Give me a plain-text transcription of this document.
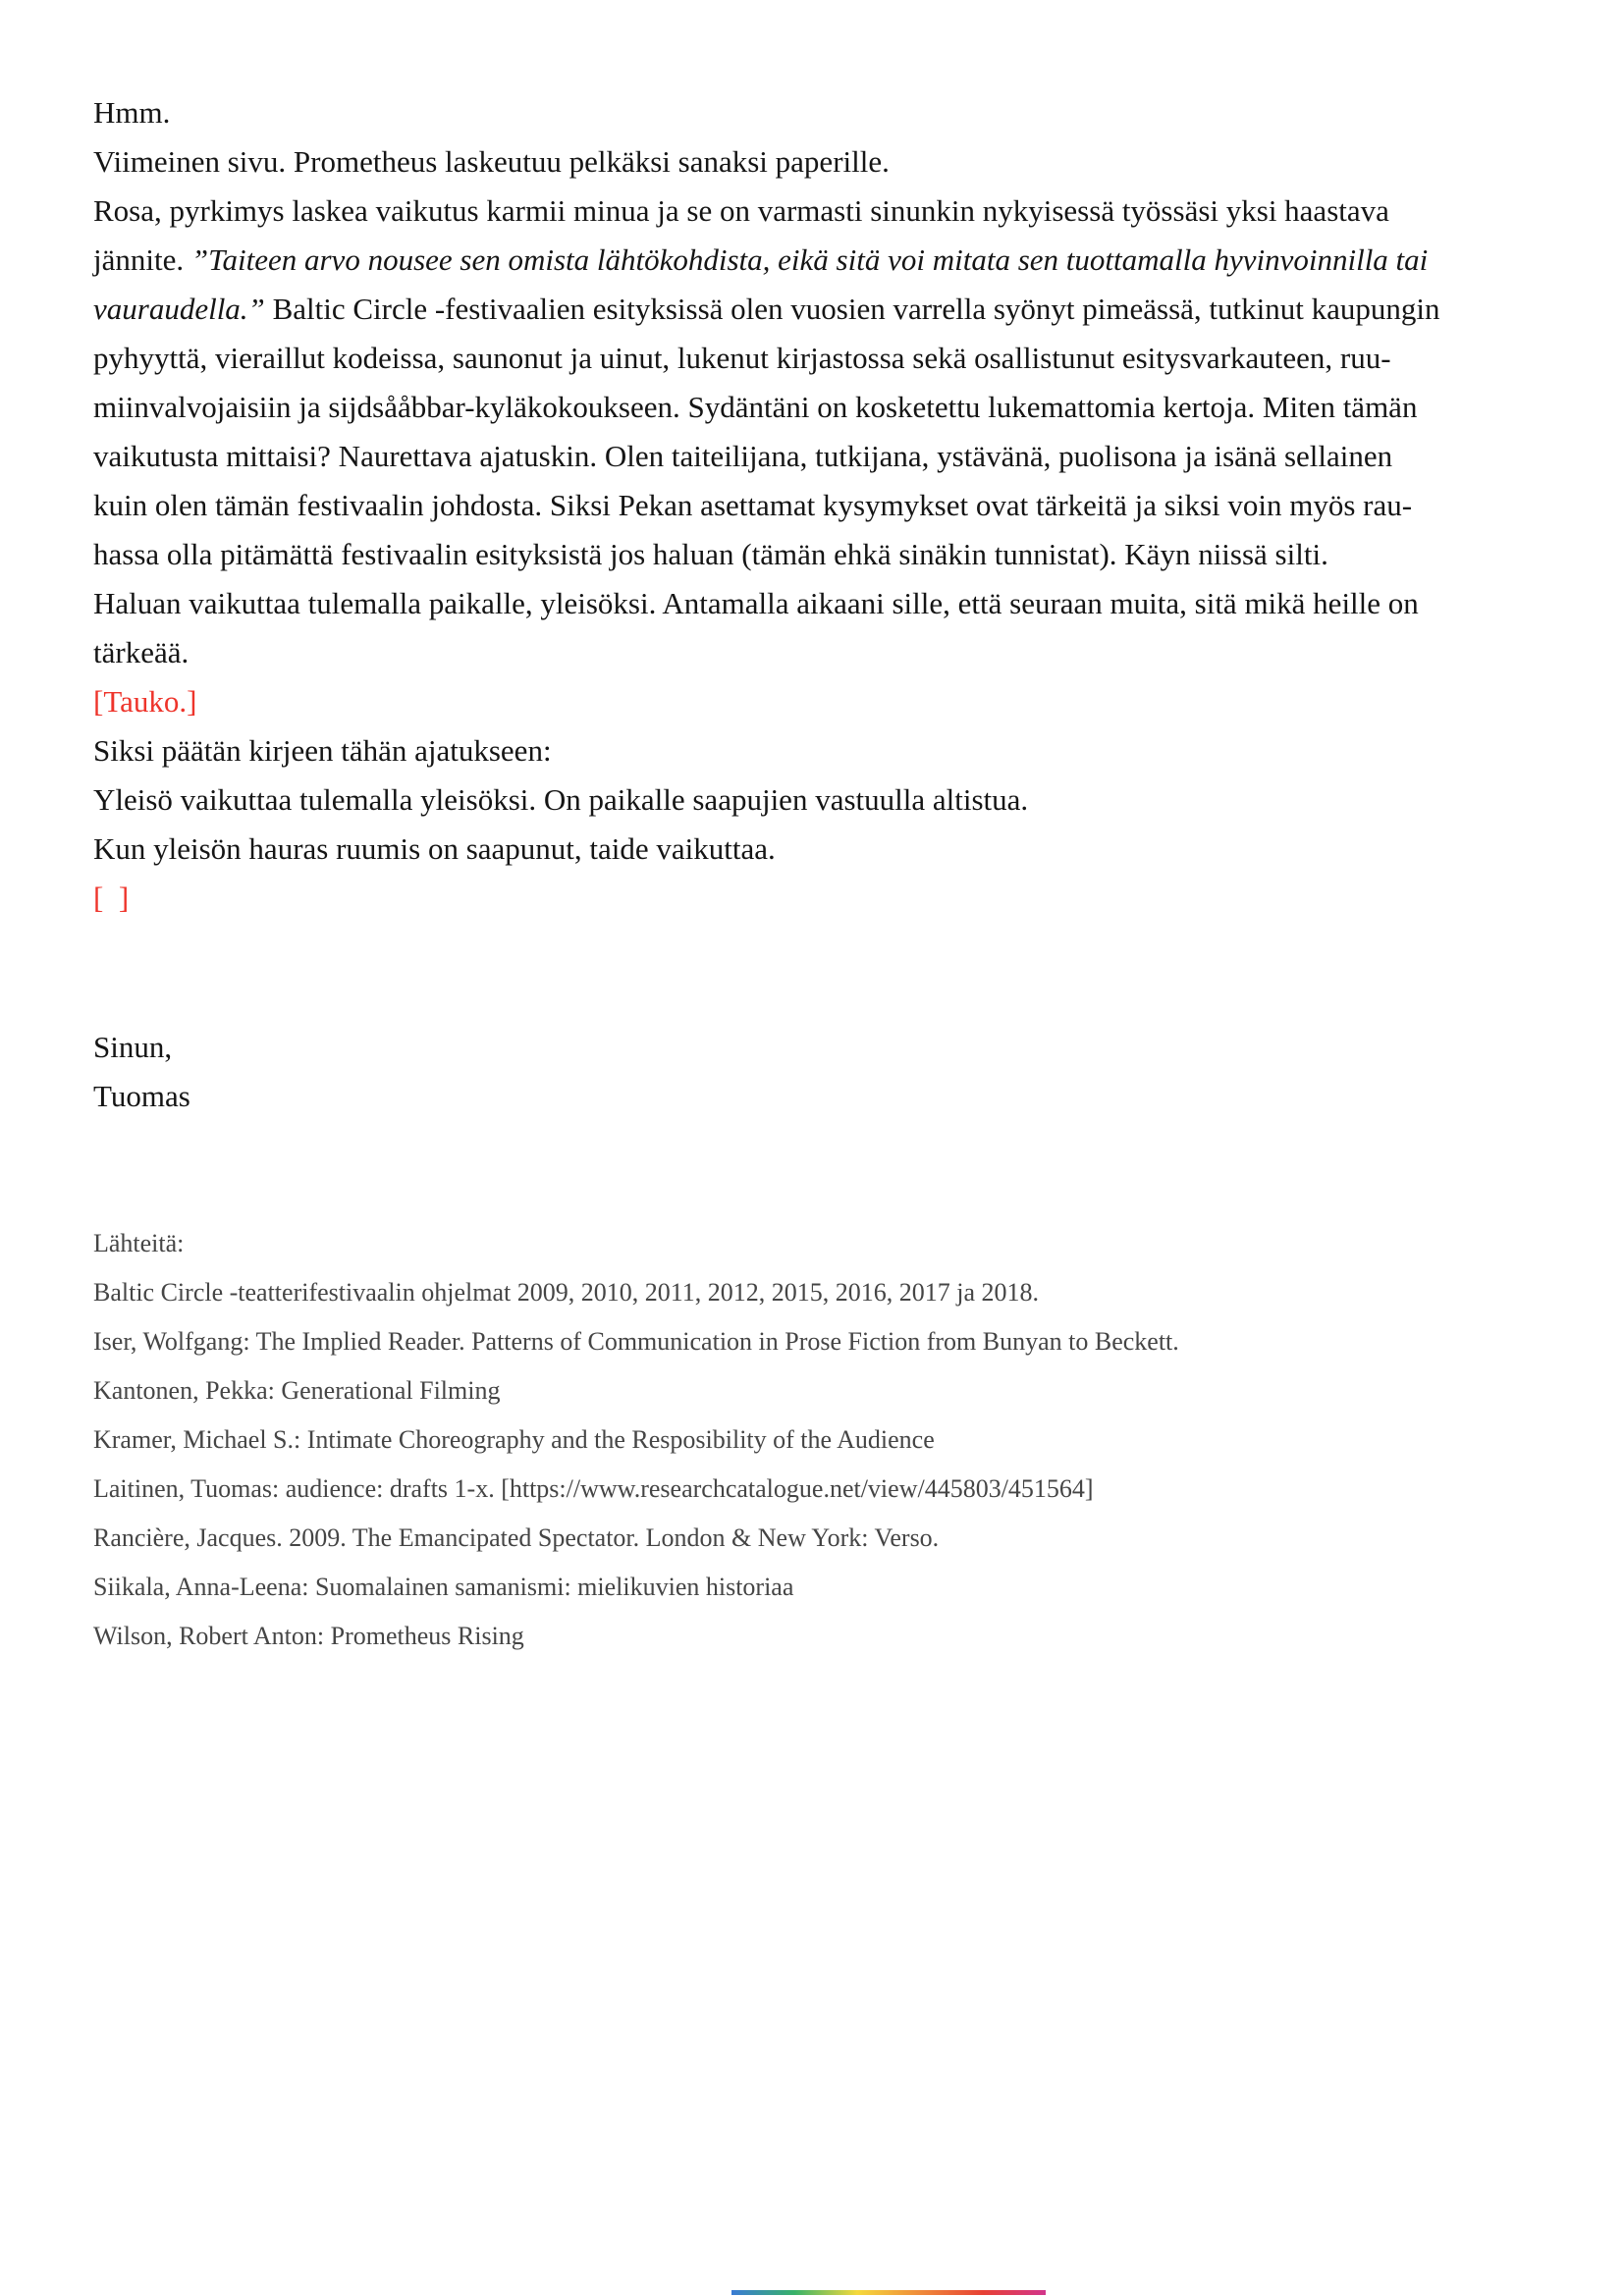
Hmm.

Viimeinen sivu. Prometheus laskeutuu pelkäksi sanaksi paperille.

Rosa, pyrkimys laskea vaikutus karmii minua ja se on varmasti sinunkin nykyisessä työssäsi yksi haastava
jännite. ”Taiteen arvo nousee sen omista lähtökohdista, eikä sitä voi mitata sen tuottamalla hyvinvoinnilla tai
vauraudella.” Baltic Circle -festivaalien esityksissä olen vuosien varrella syönyt pimeässä, tutkinut kaupungin
pyhyyttä, vieraillut kodeissa, saunonut ja uinut, lukenut kirjastossa sekä osallistunut esitysvarkauteen, ruu-
miinvalvojaisiin ja sijdsååbbar-kyläkokoukseen. Sydäntäni on kosketettu lukemattomia kertoja. Miten tämän
vaikutusta mittaisi? Naurettava ajatuskin. Olen taiteilijana, tutkijana, ystävänä, puolisona ja isänä sellainen
kuin olen tämän festivaalin johdosta. Siksi Pekan asettamat kysymykset ovat tärkeitä ja siksi voin myös rau-
hassa olla pitämättä festivaalin esityksistä jos haluan (tämän ehkä sinäkin tunnistat). Käyn niissä silti.

Haluan vaikuttaa tulemalla paikalle, yleisöksi. Antamalla aikaani sille, että seuraan muita, sitä mikä heille on
tärkeää.

[Tauko.]

Siksi päätän kirjeen tähän ajatukseen:

Yleisö vaikuttaa tulemalla yleisöksi. On paikalle saapujien vastuulla altistua.

Kun yleisön hauras ruumis on saapunut, taide vaikuttaa.

[  ]

Sinun,

Tuomas

Lähteitä:

Baltic Circle -teatterifestivaalin ohjelmat 2009, 2010, 2011, 2012, 2015, 2016, 2017 ja 2018.

Iser, Wolfgang: The Implied Reader. Patterns of Communication in Prose Fiction from Bunyan to Beckett.

Kantonen, Pekka: Generational Filming

Kramer, Michael S.: Intimate Choreography and the Resposibility of the Audience

Laitinen, Tuomas: audience: drafts 1-x. [https://www.researchcatalogue.net/view/445803/451564]

Rancière, Jacques. 2009. The Emancipated Spectator. London & New York: Verso.

Siikala, Anna-Leena: Suomalainen samanismi: mielikuvien historiaa

Wilson, Robert Anton: Prometheus Rising
